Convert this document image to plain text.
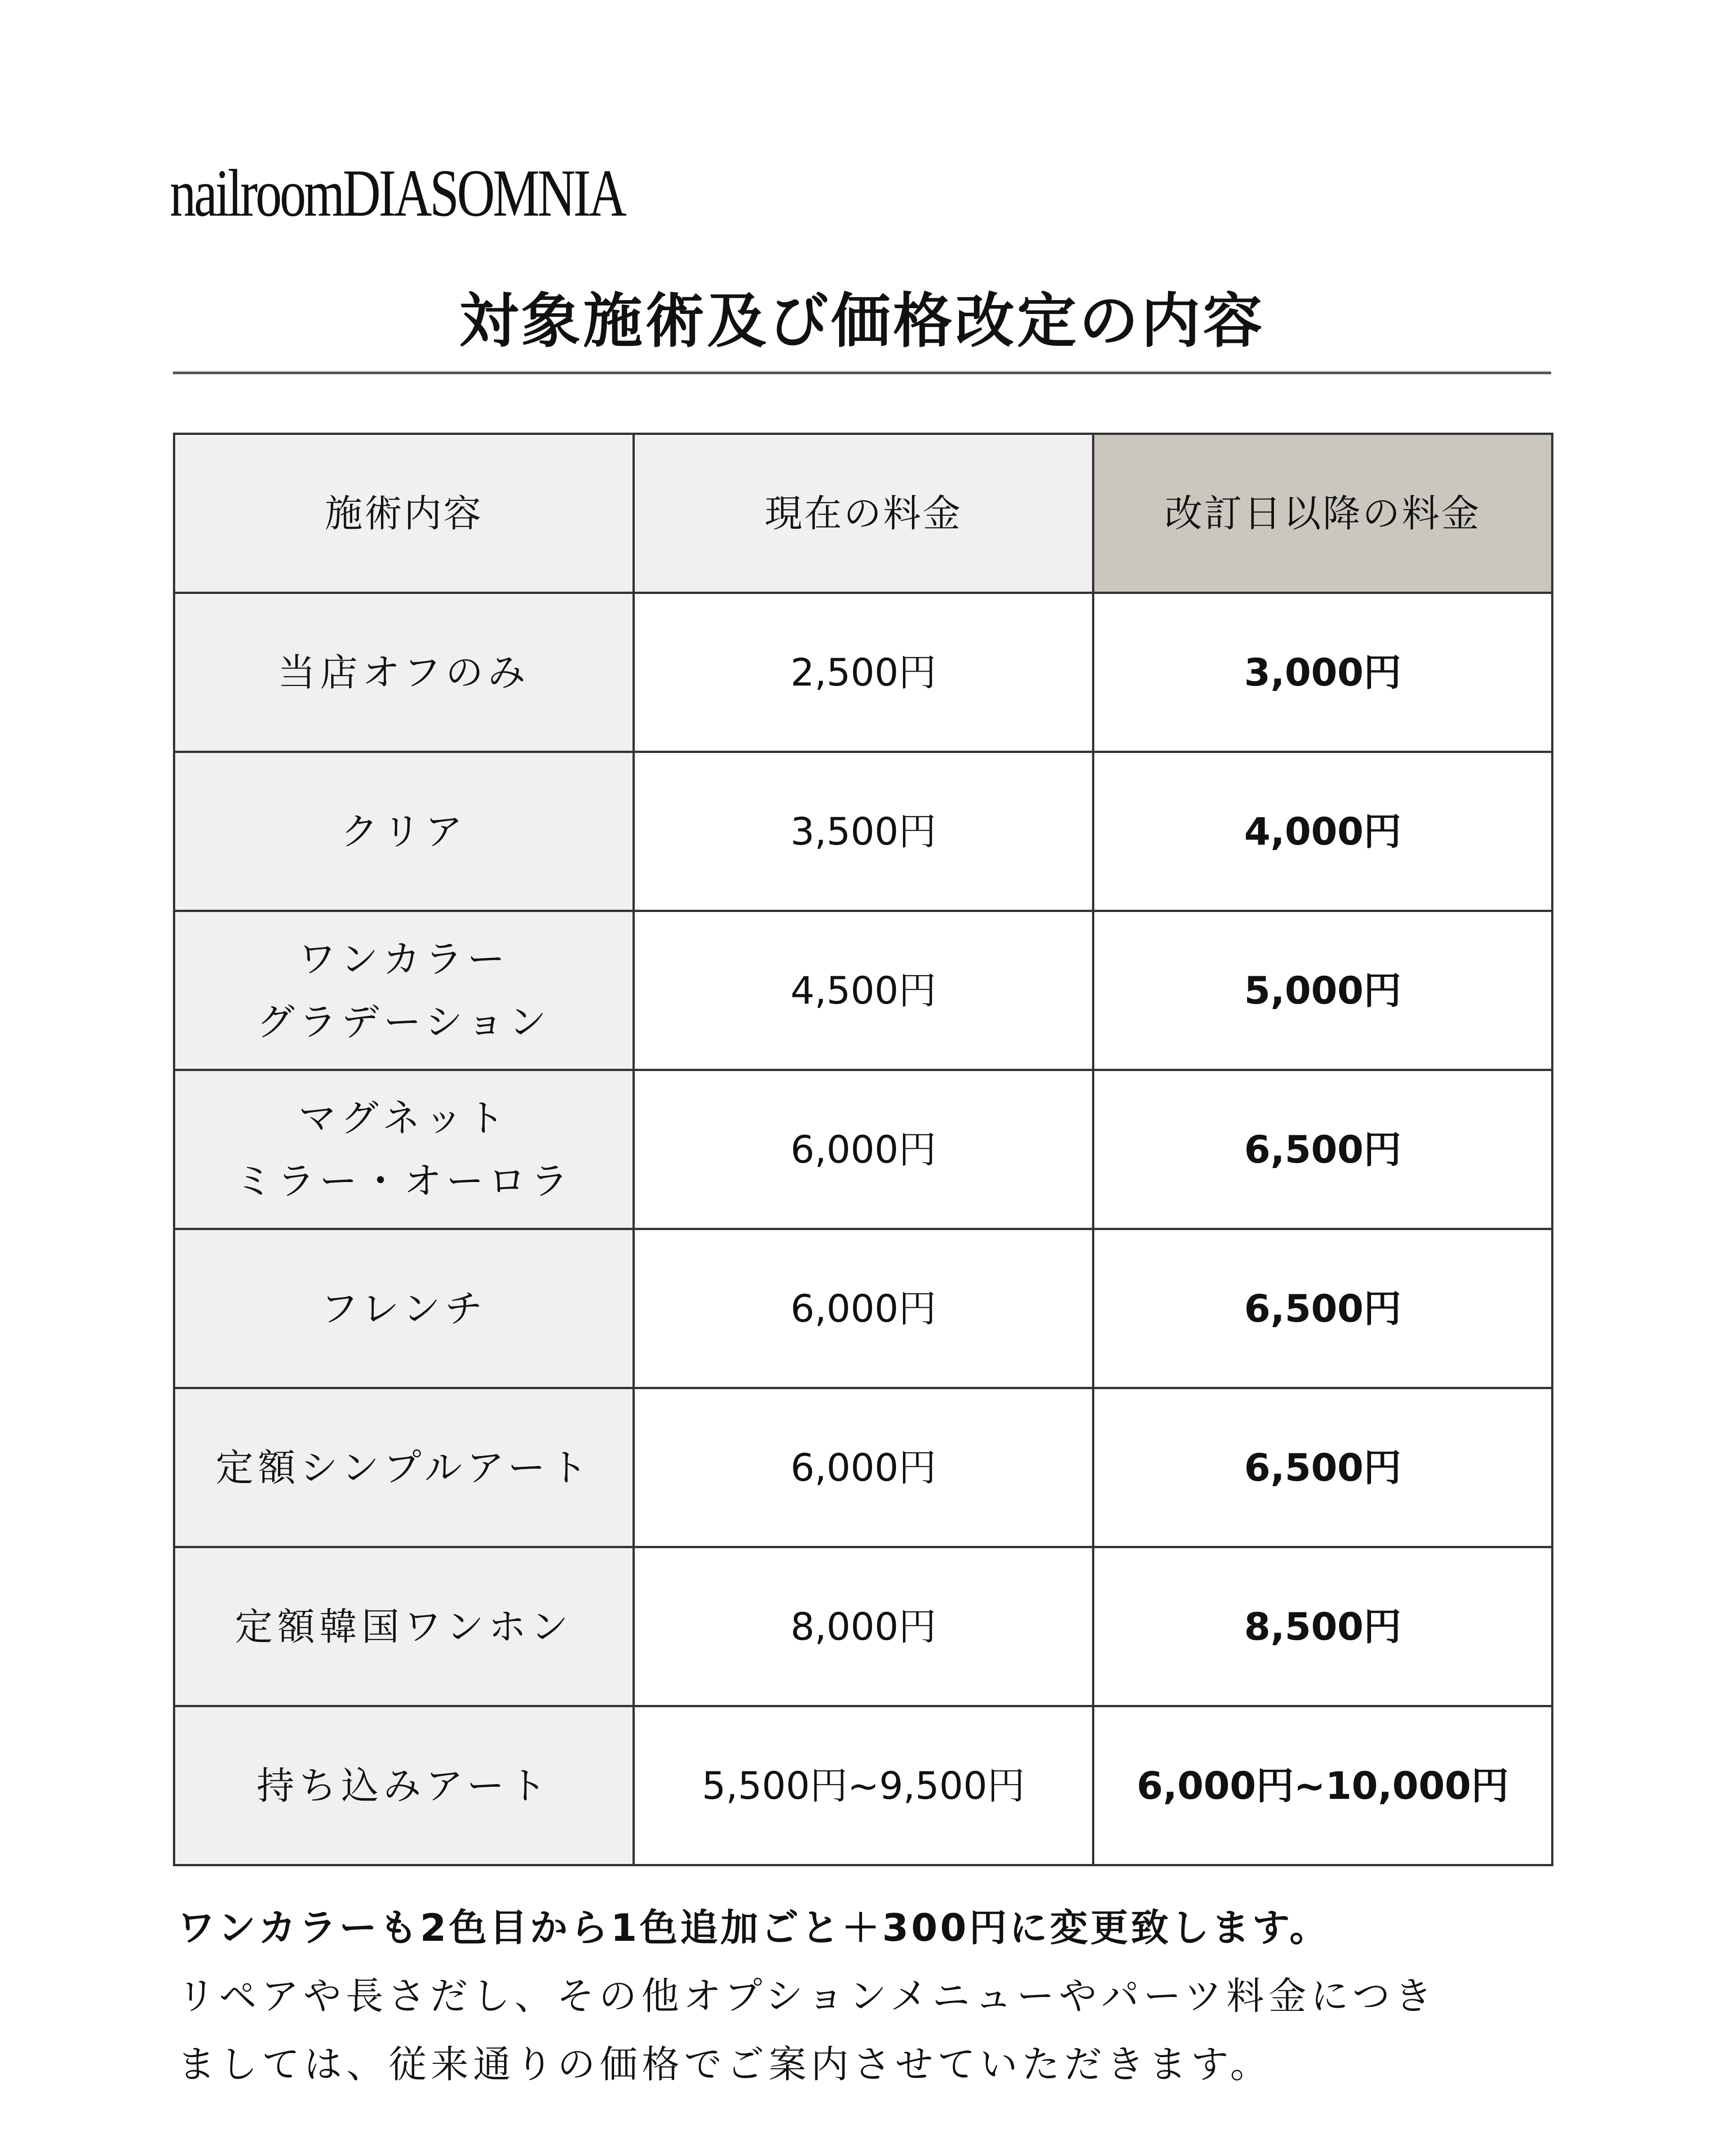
nailroomDIASOMNIA
対象施術及び価格改定の内容
施術内容	現在の料金	改訂日以降の料金

当店オフのみ	2,500円	3,000円

クリア	3,500円	4,000円

ワンカラー
グラデーション	4,500円	5,000円

マグネット
ミラー・オーロラ	6,000円	6,500円

フレンチ	6,000円	6,500円

定額シンプルアート	6,000円	6,500円

定額韓国ワンホン	8,000円	8,500円

持ち込みアート	5,500円~9,500円	6,000円~10,000円
ワンカラーも2色目から1色追加ごと＋300円に変更致します。
リペアや長さだし、その他オプションメニューやパーツ料金につき
ましては、従来通りの価格でご案内させていただきます。
